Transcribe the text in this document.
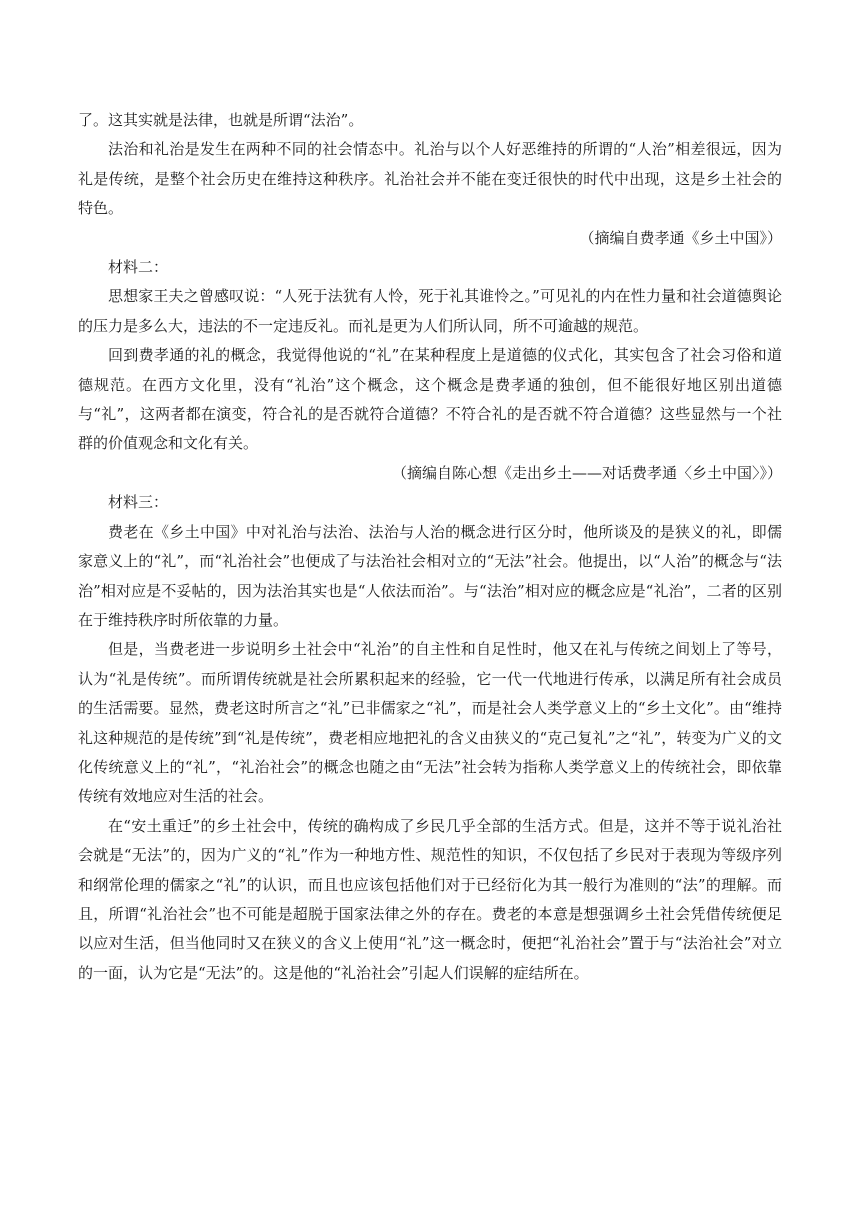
了。这其实就是法律，也就是所谓“法治”。

法治和礼治是发生在两种不同的社会情态中。礼治与以个人好恶维持的所谓的“人治”相差很远，因为礼是传统，是整个社会历史在维持这种秩序。礼治社会并不能在变迁很快的时代中出现，这是乡土社会的特色。

（摘编自费孝通《乡土中国》）

材料二：

思想家王夫之曾感叹说：“人死于法犹有人怜，死于礼其谁怜之。”可见礼的内在性力量和社会道德舆论的压力是多么大，违法的不一定违反礼。而礼是更为人们所认同，所不可逾越的规范。

回到费孝通的礼的概念，我觉得他说的“礼”在某种程度上是道德的仪式化，其实包含了社会习俗和道德规范。在西方文化里，没有“礼治”这个概念，这个概念是费孝通的独创，但不能很好地区别出道德与“礼”，这两者都在演变，符合礼的是否就符合道德？不符合礼的是否就不符合道德？这些显然与一个社群的价值观念和文化有关。

（摘编自陈心想《走出乡土——对话费孝通〈乡土中国〉》）

材料三：

费老在《乡土中国》中对礼治与法治、法治与人治的概念进行区分时，他所谈及的是狭义的礼，即儒家意义上的“礼”，而“礼治社会”也便成了与法治社会相对立的“无法”社会。他提出，以“人治”的概念与“法治”相对应是不妥帖的，因为法治其实也是“人依法而治”。与“法治”相对应的概念应是“礼治”，二者的区别在于维持秩序时所依靠的力量。

但是，当费老进一步说明乡土社会中“礼治”的自主性和自足性时，他又在礼与传统之间划上了等号，认为“礼是传统”。而所谓传统就是社会所累积起来的经验，它一代一代地进行传承，以满足所有社会成员的生活需要。显然，费老这时所言之“礼”已非儒家之“礼”，而是社会人类学意义上的“乡土文化”。由“维持礼这种规范的是传统”到“礼是传统”，费老相应地把礼的含义由狭义的“克己复礼”之“礼”，转变为广义的文化传统意义上的“礼”，“礼治社会”的概念也随之由“无法”社会转为指称人类学意义上的传统社会，即依靠传统有效地应对生活的社会。

在“安土重迁”的乡土社会中，传统的确构成了乡民几乎全部的生活方式。但是，这并不等于说礼治社会就是“无法”的，因为广义的“礼”作为一种地方性、规范性的知识，不仅包括了乡民对于表现为等级序列和纲常伦理的儒家之“礼”的认识，而且也应该包括他们对于已经衍化为其一般行为准则的“法”的理解。而且，所谓“礼治社会”也不可能是超脱于国家法律之外的存在。费老的本意是想强调乡土社会凭借传统便足以应对生活，但当他同时又在狭义的含义上使用“礼”这一概念时，便把“礼治社会”置于与“法治社会”对立的一面，认为它是“无法”的。这是他的“礼治社会”引起人们误解的症结所在。
